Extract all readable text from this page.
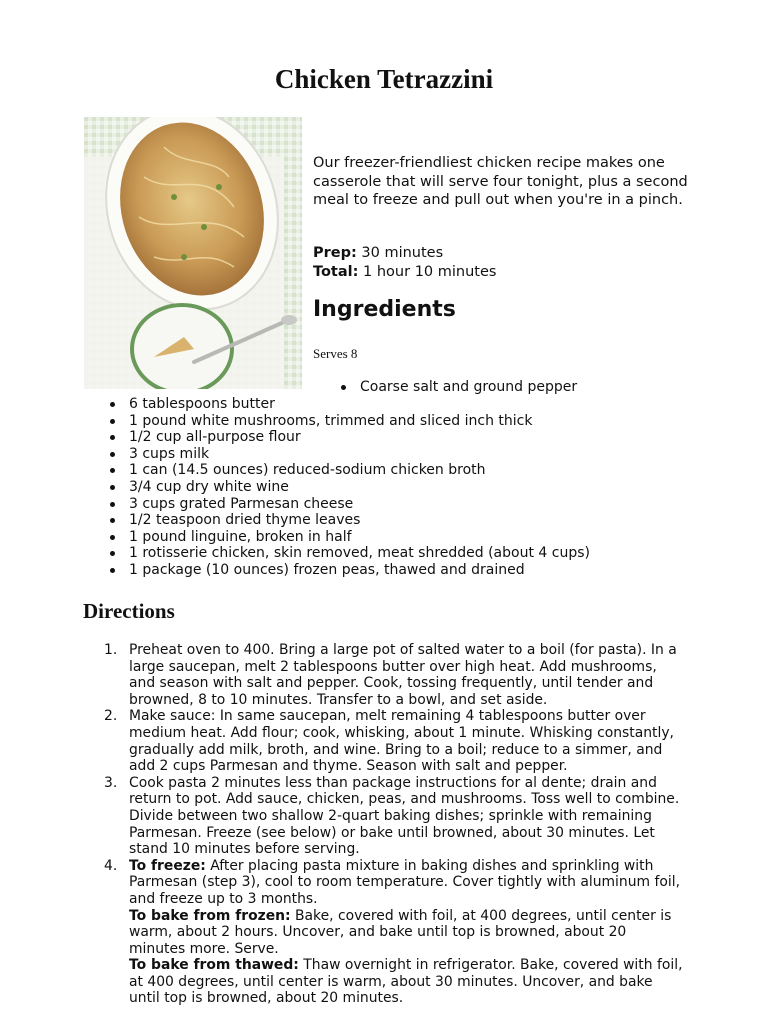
Chicken Tetrazzini

Our freezer-friendliest chicken recipe makes one casserole that will serve four tonight, plus a second meal to freeze and pull out when you're in a pinch.

Prep: 30 minutes
Total: 1 hour 10 minutes
Ingredients
Serves 8
Coarse salt and ground pepper
6 tablespoons butter
1 pound white mushrooms, trimmed and sliced inch thick
1/2 cup all-purpose flour
3 cups milk
1 can (14.5 ounces) reduced-sodium chicken broth
3/4 cup dry white wine
3 cups grated Parmesan cheese
1/2 teaspoon dried thyme leaves
1 pound linguine, broken in half
1 rotisserie chicken, skin removed, meat shredded (about 4 cups)
1 package (10 ounces) frozen peas, thawed and drained
Directions
1. Preheat oven to 400. Bring a large pot of salted water to a boil (for pasta). In a large saucepan, melt 2 tablespoons butter over high heat. Add mushrooms, and season with salt and pepper. Cook, tossing frequently, until tender and browned, 8 to 10 minutes. Transfer to a bowl, and set aside.
2. Make sauce: In same saucepan, melt remaining 4 tablespoons butter over medium heat. Add flour; cook, whisking, about 1 minute. Whisking constantly, gradually add milk, broth, and wine. Bring to a boil; reduce to a simmer, and add 2 cups Parmesan and thyme. Season with salt and pepper.
3. Cook pasta 2 minutes less than package instructions for al dente; drain and return to pot. Add sauce, chicken, peas, and mushrooms. Toss well to combine. Divide between two shallow 2-quart baking dishes; sprinkle with remaining Parmesan. Freeze (see below) or bake until browned, about 30 minutes. Let stand 10 minutes before serving.
4. To freeze: After placing pasta mixture in baking dishes and sprinkling with Parmesan (step 3), cool to room temperature. Cover tightly with aluminum foil, and freeze up to 3 months.
To bake from frozen: Bake, covered with foil, at 400 degrees, until center is warm, about 2 hours. Uncover, and bake until top is browned, about 20 minutes more. Serve.
To bake from thawed: Thaw overnight in refrigerator. Bake, covered with foil, at 400 degrees, until center is warm, about 30 minutes. Uncover, and bake until top is browned, about 20 minutes.
